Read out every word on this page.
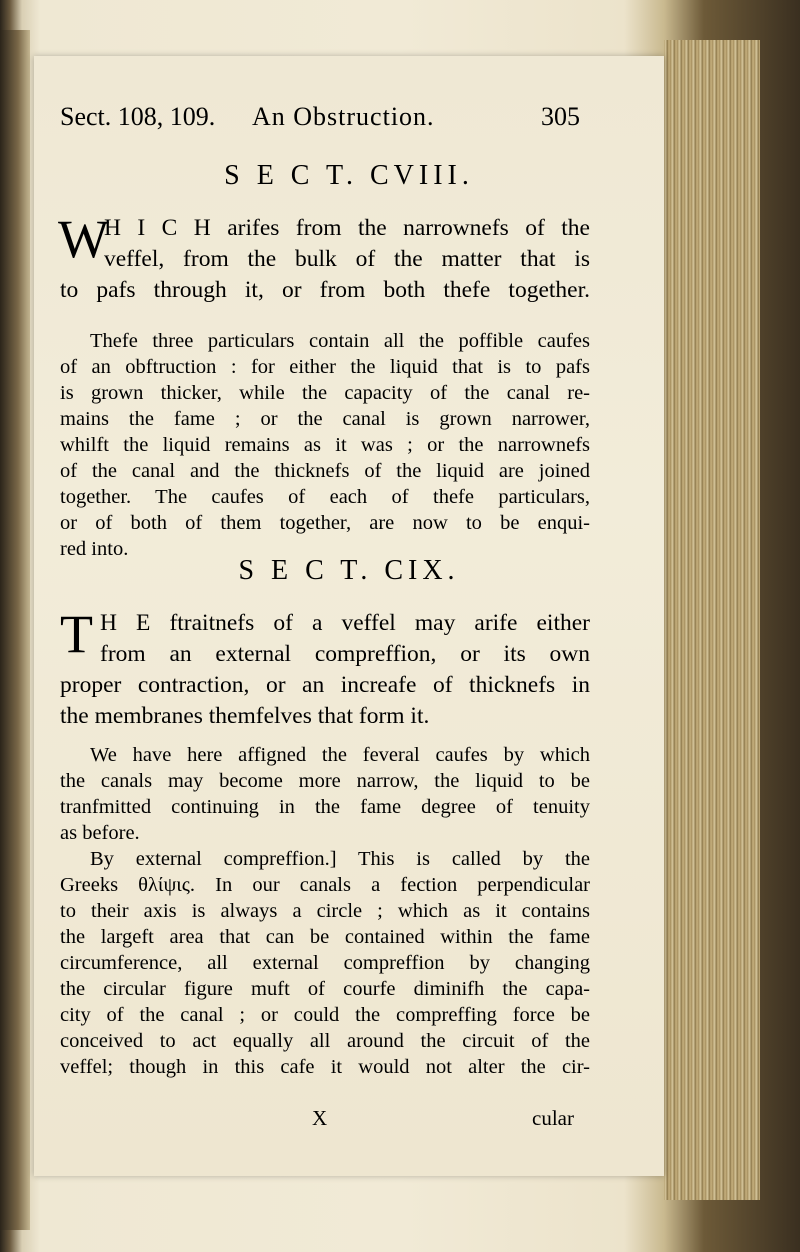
Sect. 108, 109. An Obstruction.	305
S E C T. CVIII.
W
H I C H arifes from the narrownefs of the
veffel, from the bulk of the matter that is
to pafs through it, or from both thefe together.
Thefe three particulars contain all the poffible caufes
of an obftruction : for either the liquid that is to pafs
is grown thicker, while the capacity of the canal re-
mains the fame ; or the canal is grown narrower,
whilft the liquid remains as it was ; or the narrownefs
of the canal and the thicknefs of the liquid are joined
together. The caufes of each of thefe particulars,
or of both of them together, are now to be enqui-
red into.
S E C T. CIX.
T H E ftraitnefs of a veffel may arife either
from an external compreffion, or its own
proper contraction, or an increafe of thicknefs in
the membranes themfelves that form it.
We have here affigned the feveral caufes by which
the canals may become more narrow, the liquid to be
tranfmitted continuing in the fame degree of tenuity
as before.
By external compreffion.] This is called by the
Greeks θλίψις. In our canals a fection perpendicular
to their axis is always a circle ; which as it contains
the largeft area that can be contained within the fame
circumference, all external compreffion by changing
the circular figure muft of courfe diminifh the capa-
city of the canal ; or could the compreffing force be
conceived to act equally all around the circuit of the
veffel; though in this cafe it would not alter the cir-
X	cular
